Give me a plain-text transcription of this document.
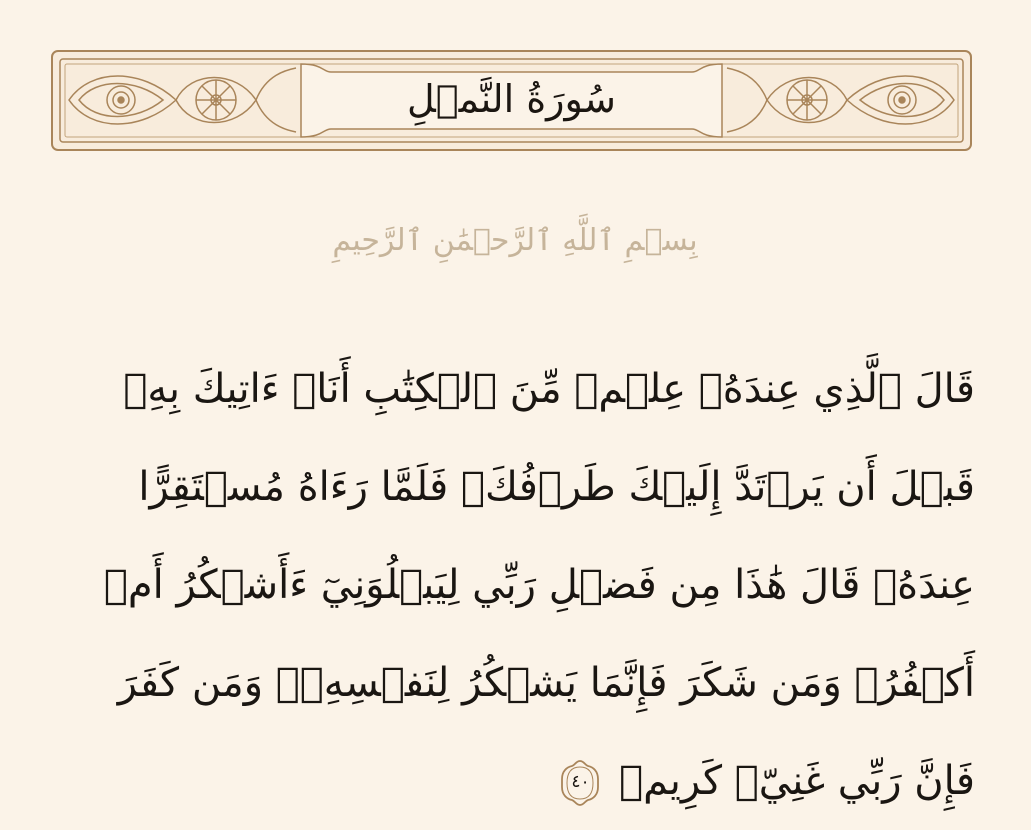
سُورَةُ النَّمۡلِ

بِسۡمِ ٱللَّهِ ٱلرَّحۡمَٰنِ ٱلرَّحِيمِ

قَالَ ٱلَّذِي عِندَهُۥ عِلۡمٞ مِّنَ ٱلۡكِتَٰبِ أَنَا۠ ءَاتِيكَ بِهِۦ قَبۡلَ أَن يَرۡتَدَّ إِلَيۡكَ طَرۡفُكَۚ فَلَمَّا رَءَاهُ مُسۡتَقِرًّا عِندَهُۥ قَالَ هَٰذَا مِن فَضۡلِ رَبِّي لِيَبۡلُوَنِيٓ ءَأَشۡكُرُ أَمۡ أَكۡفُرُۖ وَمَن شَكَرَ فَإِنَّمَا يَشۡكُرُ لِنَفۡسِهِۦۖ وَمَن كَفَرَ فَإِنَّ رَبِّي غَنِيّٞ كَرِيمٞ
٤٠
